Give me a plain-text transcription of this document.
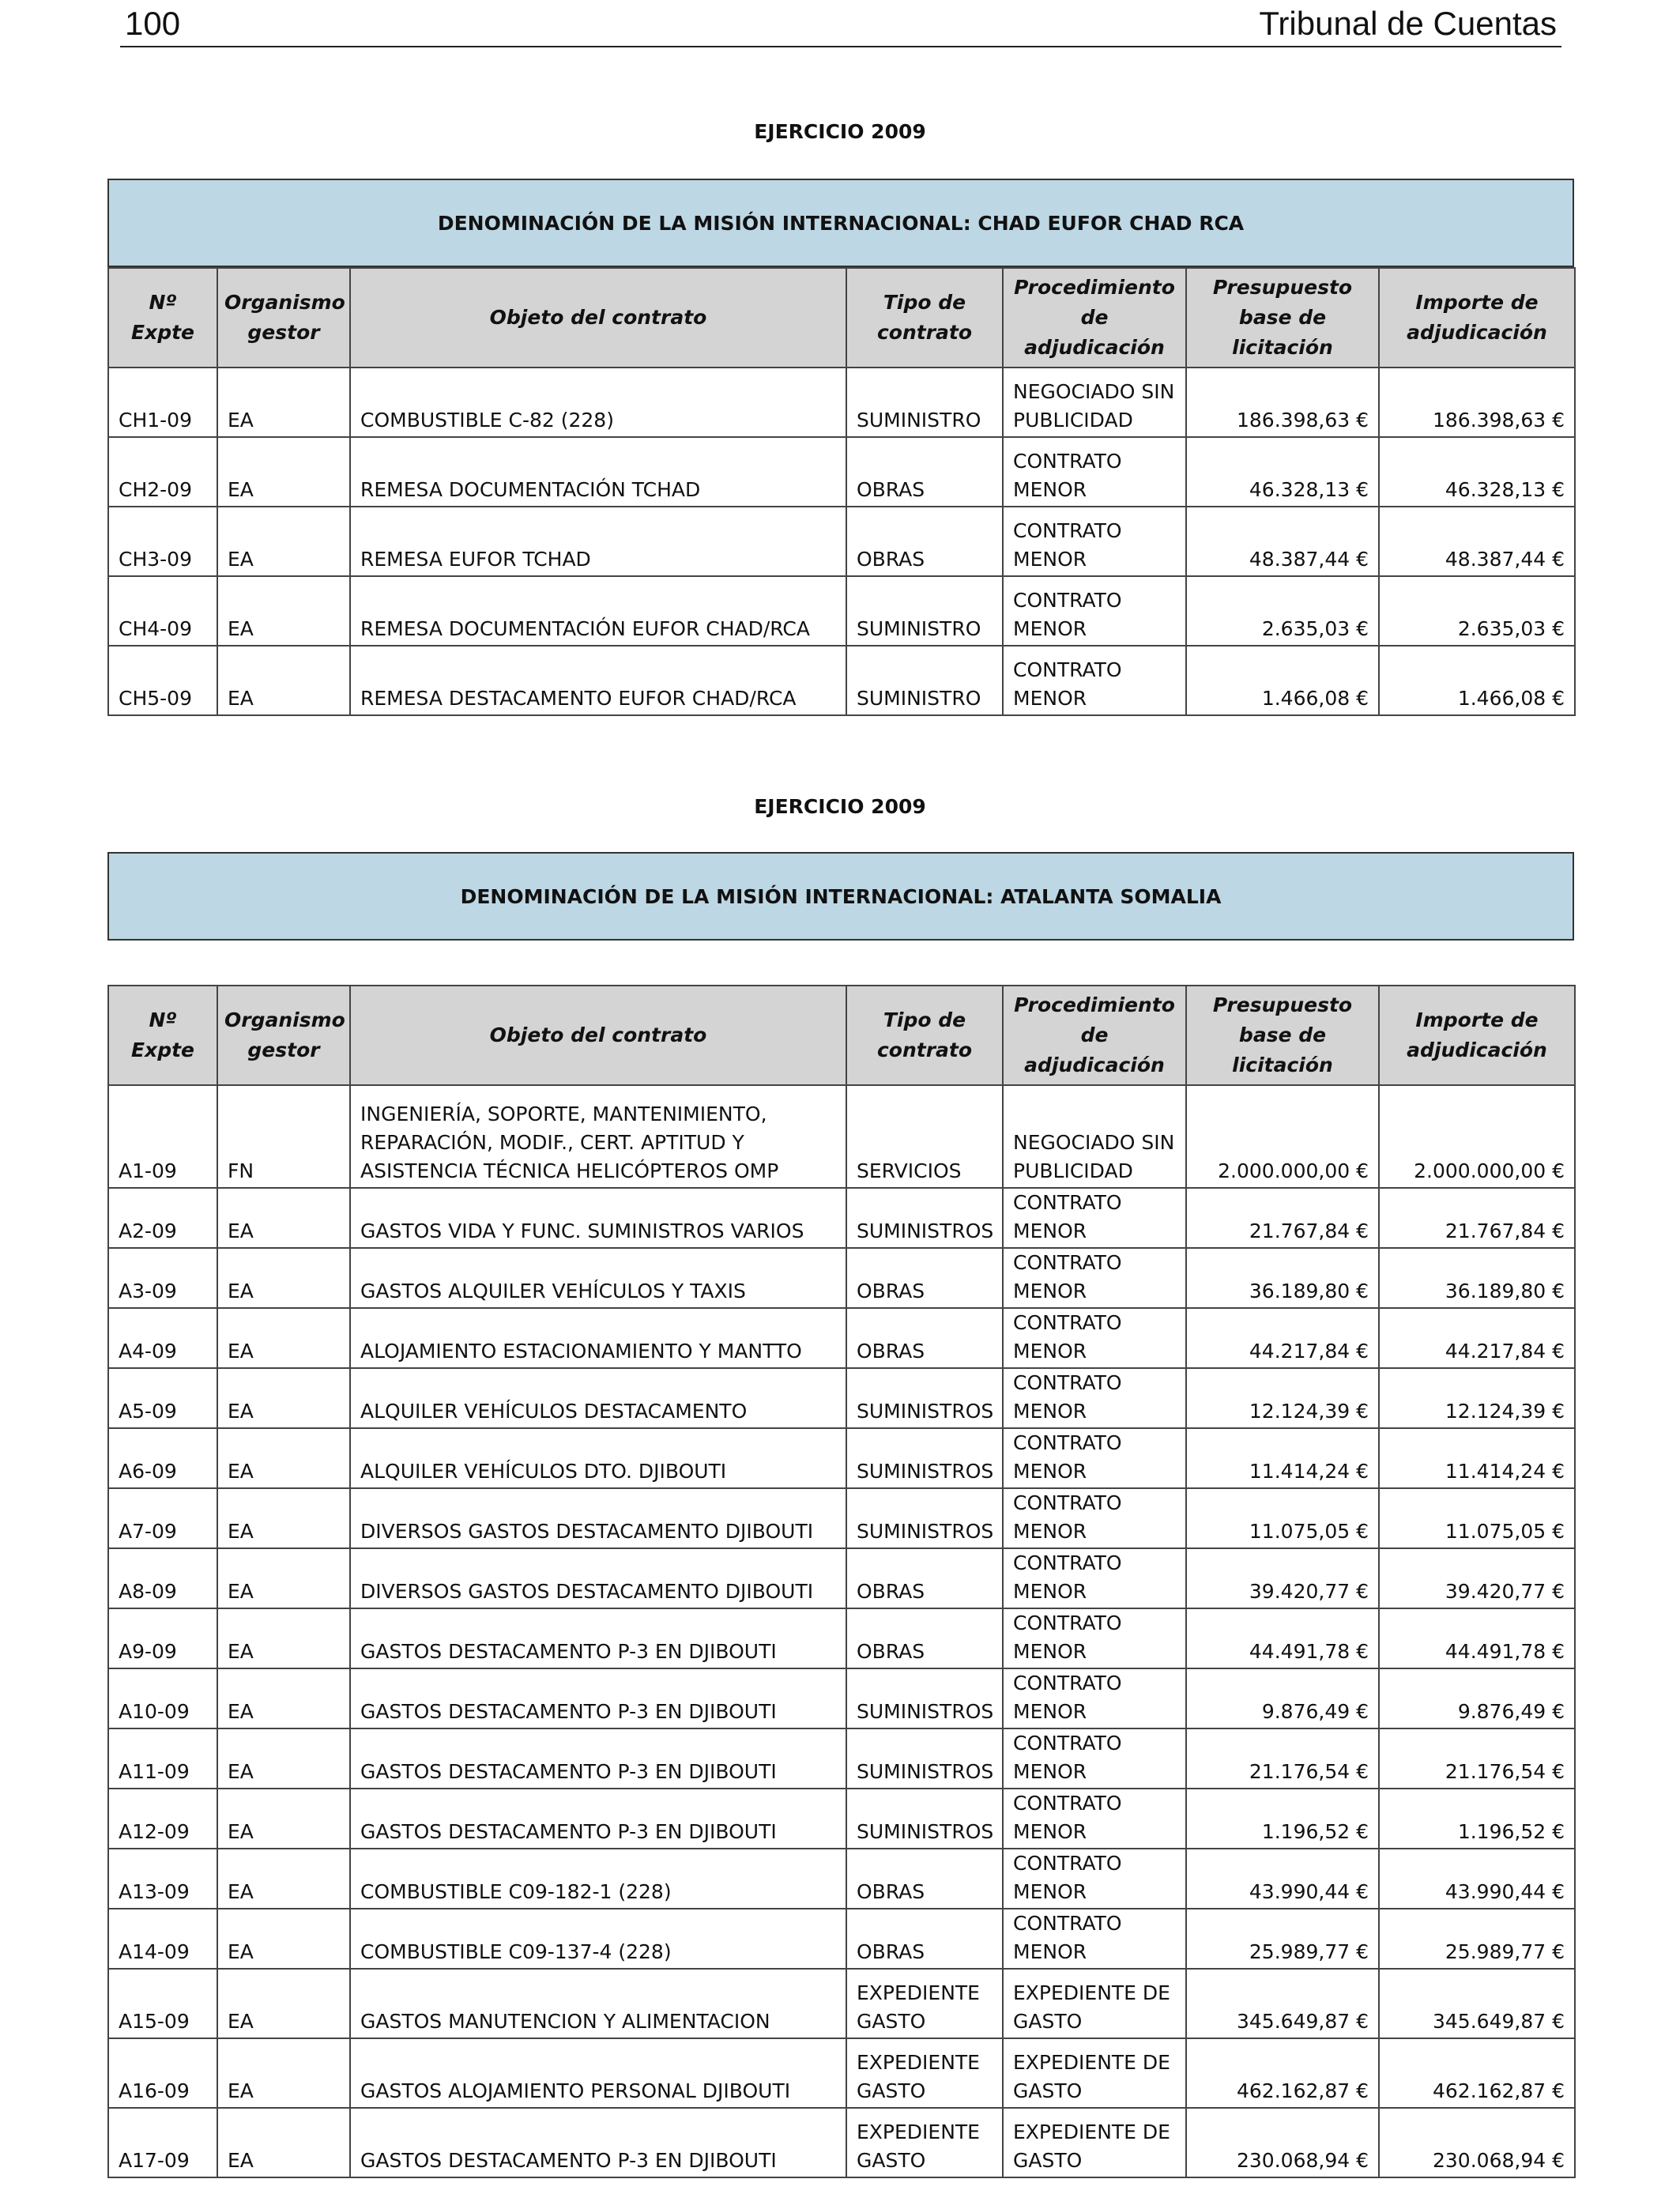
100	Tribunal de Cuentas
EJERCICIO 2009
DENOMINACIÓN DE LA MISIÓN INTERNACIONAL: CHAD EUFOR CHAD RCA
Nº Expte	Organismo gestor	Objeto del contrato	Tipo de contrato	Procedimiento de adjudicación	Presupuesto base de licitación	Importe de adjudicación
CH1-09	EA	COMBUSTIBLE C-82 (228)	SUMINISTRO	NEGOCIADO SIN
PUBLICIDAD	186.398,63 €	186.398,63 €
CH2-09	EA	REMESA DOCUMENTACIÓN TCHAD	OBRAS	CONTRATO
MENOR	46.328,13 €	46.328,13 €
CH3-09	EA	REMESA EUFOR TCHAD	OBRAS	CONTRATO
MENOR	48.387,44 €	48.387,44 €
CH4-09	EA	REMESA DOCUMENTACIÓN EUFOR CHAD/RCA	SUMINISTRO	CONTRATO
MENOR	2.635,03 €	2.635,03 €
CH5-09	EA	REMESA DESTACAMENTO EUFOR CHAD/RCA	SUMINISTRO	CONTRATO
MENOR	1.466,08 €	1.466,08 €
EJERCICIO 2009
DENOMINACIÓN DE LA MISIÓN INTERNACIONAL: ATALANTA SOMALIA
Nº Expte	Organismo gestor	Objeto del contrato	Tipo de contrato	Procedimiento de adjudicación	Presupuesto base de licitación	Importe de adjudicación
A1-09	FN	INGENIERÍA, SOPORTE, MANTENIMIENTO,
REPARACIÓN, MODIF., CERT. APTITUD Y
ASISTENCIA TÉCNICA HELICÓPTEROS OMP	SERVICIOS	NEGOCIADO SIN
PUBLICIDAD	2.000.000,00 €	2.000.000,00 €
A2-09	EA	GASTOS VIDA Y FUNC. SUMINISTROS VARIOS	SUMINISTROS	CONTRATO
MENOR	21.767,84 €	21.767,84 €
A3-09	EA	GASTOS ALQUILER VEHÍCULOS Y TAXIS	OBRAS	CONTRATO
MENOR	36.189,80 €	36.189,80 €
A4-09	EA	ALOJAMIENTO ESTACIONAMIENTO Y MANTTO	OBRAS	CONTRATO
MENOR	44.217,84 €	44.217,84 €
A5-09	EA	ALQUILER VEHÍCULOS DESTACAMENTO	SUMINISTROS	CONTRATO
MENOR	12.124,39 €	12.124,39 €
A6-09	EA	ALQUILER VEHÍCULOS DTO. DJIBOUTI	SUMINISTROS	CONTRATO
MENOR	11.414,24 €	11.414,24 €
A7-09	EA	DIVERSOS GASTOS DESTACAMENTO DJIBOUTI	SUMINISTROS	CONTRATO
MENOR	11.075,05 €	11.075,05 €
A8-09	EA	DIVERSOS GASTOS DESTACAMENTO DJIBOUTI	OBRAS	CONTRATO
MENOR	39.420,77 €	39.420,77 €
A9-09	EA	GASTOS DESTACAMENTO P-3 EN DJIBOUTI	OBRAS	CONTRATO
MENOR	44.491,78 €	44.491,78 €
A10-09	EA	GASTOS DESTACAMENTO P-3 EN DJIBOUTI	SUMINISTROS	CONTRATO
MENOR	9.876,49 €	9.876,49 €
A11-09	EA	GASTOS DESTACAMENTO P-3 EN DJIBOUTI	SUMINISTROS	CONTRATO
MENOR	21.176,54 €	21.176,54 €
A12-09	EA	GASTOS DESTACAMENTO P-3 EN DJIBOUTI	SUMINISTROS	CONTRATO
MENOR	1.196,52 €	1.196,52 €
A13-09	EA	COMBUSTIBLE C09-182-1 (228)	OBRAS	CONTRATO
MENOR	43.990,44 €	43.990,44 €
A14-09	EA	COMBUSTIBLE C09-137-4 (228)	OBRAS	CONTRATO
MENOR	25.989,77 €	25.989,77 €
A15-09	EA	GASTOS MANUTENCION Y ALIMENTACION	EXPEDIENTE
GASTO	EXPEDIENTE DE
GASTO	345.649,87 €	345.649,87 €
A16-09	EA	GASTOS ALOJAMIENTO PERSONAL DJIBOUTI	EXPEDIENTE
GASTO	EXPEDIENTE DE
GASTO	462.162,87 €	462.162,87 €
A17-09	EA	GASTOS DESTACAMENTO P-3 EN DJIBOUTI	EXPEDIENTE
GASTO	EXPEDIENTE DE
GASTO	230.068,94 €	230.068,94 €
